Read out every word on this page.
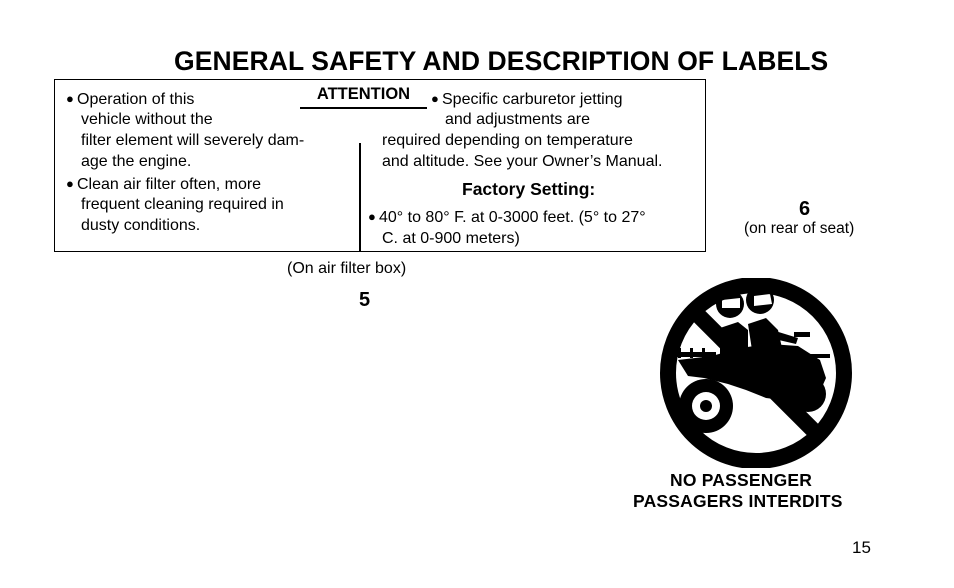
GENERAL SAFETY AND DESCRIPTION OF LABELS
ATTENTION
● Operation of this
vehicle without the
filter element will severely dam-
age the engine.
● Clean air filter often, more
frequent cleaning required in
dusty conditions.
● Specific carburetor jetting
and adjustments are
required depending on temperature
and altitude. See your Owner’s Manual.
Factory Setting:
● 40° to 80° F. at 0-3000 feet. (5° to 27°
C. at 0-900 meters)
(On air filter box)
5
6
(on rear of seat)
NO PASSENGER
PASSAGERS INTERDITS
15
